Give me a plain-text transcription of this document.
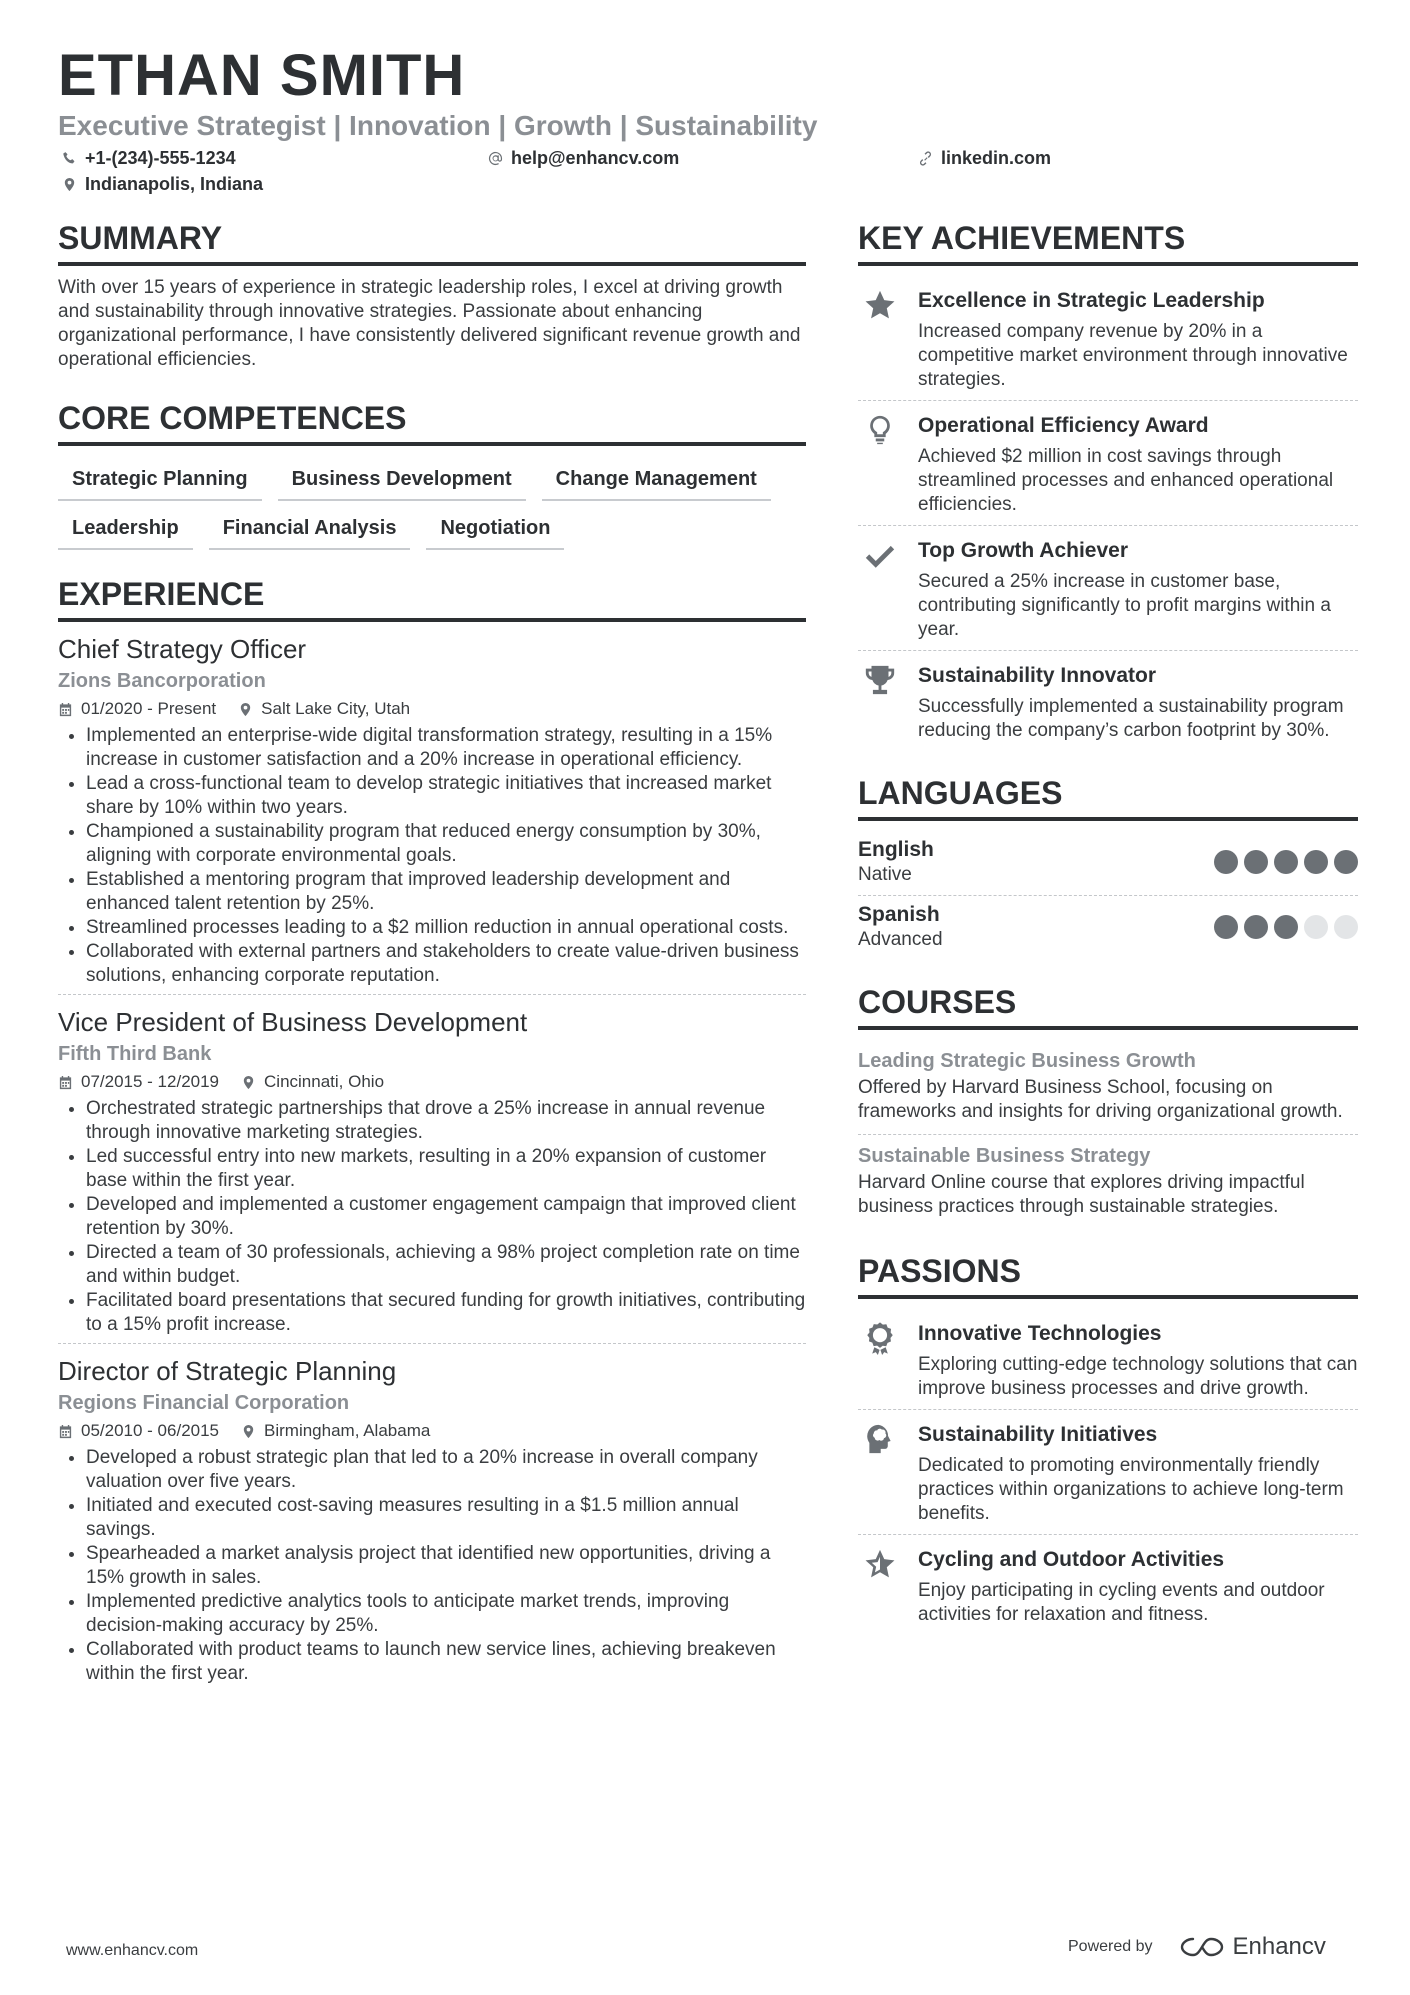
ETHAN SMITH
Executive Strategist | Innovation | Growth | Sustainability
+1-(234)-555-1234	help@enhancv.com	linkedin.com
Indianapolis, Indiana
SUMMARY
With over 15 years of experience in strategic leadership roles, I excel at driving growth and sustainability through innovative strategies. Passionate about enhancing organizational performance, I have consistently delivered significant revenue growth and operational efficiencies.
CORE COMPETENCES
Strategic Planning	Business Development	Change Management
Leadership	Financial Analysis	Negotiation
EXPERIENCE
Chief Strategy Officer
Zions Bancorporation
01/2020 - Present	Salt Lake City, Utah
• Implemented an enterprise-wide digital transformation strategy, resulting in a 15% increase in customer satisfaction and a 20% increase in operational efficiency.
• Lead a cross-functional team to develop strategic initiatives that increased market share by 10% within two years.
• Championed a sustainability program that reduced energy consumption by 30%, aligning with corporate environmental goals.
• Established a mentoring program that improved leadership development and enhanced talent retention by 25%.
• Streamlined processes leading to a $2 million reduction in annual operational costs.
• Collaborated with external partners and stakeholders to create value-driven business solutions, enhancing corporate reputation.
Vice President of Business Development
Fifth Third Bank
07/2015 - 12/2019	Cincinnati, Ohio
• Orchestrated strategic partnerships that drove a 25% increase in annual revenue through innovative marketing strategies.
• Led successful entry into new markets, resulting in a 20% expansion of customer base within the first year.
• Developed and implemented a customer engagement campaign that improved client retention by 30%.
• Directed a team of 30 professionals, achieving a 98% project completion rate on time and within budget.
• Facilitated board presentations that secured funding for growth initiatives, contributing to a 15% profit increase.
Director of Strategic Planning
Regions Financial Corporation
05/2010 - 06/2015	Birmingham, Alabama
• Developed a robust strategic plan that led to a 20% increase in overall company valuation over five years.
• Initiated and executed cost-saving measures resulting in a $1.5 million annual savings.
• Spearheaded a market analysis project that identified new opportunities, driving a 15% growth in sales.
• Implemented predictive analytics tools to anticipate market trends, improving decision-making accuracy by 25%.
• Collaborated with product teams to launch new service lines, achieving breakeven within the first year.
KEY ACHIEVEMENTS
Excellence in Strategic Leadership
Increased company revenue by 20% in a competitive market environment through innovative strategies.
Operational Efficiency Award
Achieved $2 million in cost savings through streamlined processes and enhanced operational efficiencies.
Top Growth Achiever
Secured a 25% increase in customer base, contributing significantly to profit margins within a year.
Sustainability Innovator
Successfully implemented a sustainability program reducing the company’s carbon footprint by 30%.
LANGUAGES
English
Native
Spanish
Advanced
COURSES
Leading Strategic Business Growth
Offered by Harvard Business School, focusing on frameworks and insights for driving organizational growth.
Sustainable Business Strategy
Harvard Online course that explores driving impactful business practices through sustainable strategies.
PASSIONS
Innovative Technologies
Exploring cutting-edge technology solutions that can improve business processes and drive growth.
Sustainability Initiatives
Dedicated to promoting environmentally friendly practices within organizations to achieve long-term benefits.
Cycling and Outdoor Activities
Enjoy participating in cycling events and outdoor activities for relaxation and fitness.
www.enhancv.com	Powered by	Enhancv
